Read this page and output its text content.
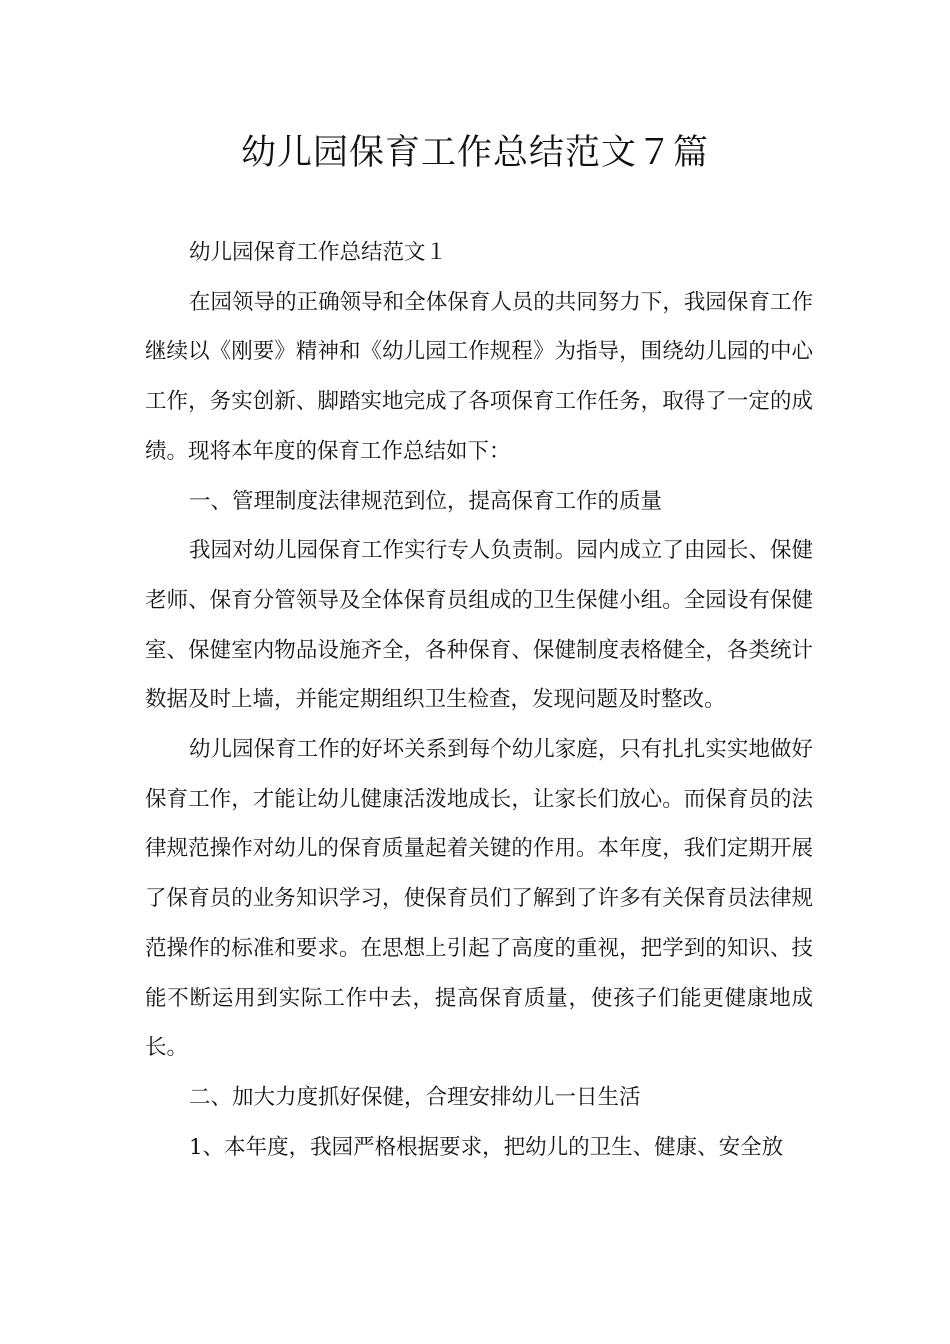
幼儿园保育工作总结范文７篇

幼儿园保育工作总结范文１

在园领导的正确领导和全体保育人员的共同努力下，我园保育工作继续以《刚要》精神和《幼儿园工作规程》为指导，围绕幼儿园的中心工作，务实创新、脚踏实地完成了各项保育工作任务，取得了一定的成绩。现将本年度的保育工作总结如下：

一、管理制度法律规范到位，提高保育工作的质量

我园对幼儿园保育工作实行专人负责制。园内成立了由园长、保健老师、保育分管领导及全体保育员组成的卫生保健小组。全园设有保健室、保健室内物品设施齐全，各种保育、保健制度表格健全，各类统计数据及时上墙，并能定期组织卫生检查，发现问题及时整改。

幼儿园保育工作的好坏关系到每个幼儿家庭，只有扎扎实实地做好保育工作，才能让幼儿健康活泼地成长，让家长们放心。而保育员的法律规范操作对幼儿的保育质量起着关键的作用。本年度，我们定期开展了保育员的业务知识学习，使保育员们了解到了许多有关保育员法律规范操作的标准和要求。在思想上引起了高度的重视，把学到的知识、技能不断运用到实际工作中去，提高保育质量，使孩子们能更健康地成长。

二、加大力度抓好保健，合理安排幼儿一日生活

1、本年度，我园严格根据要求，把幼儿的卫生、健康、安全放
